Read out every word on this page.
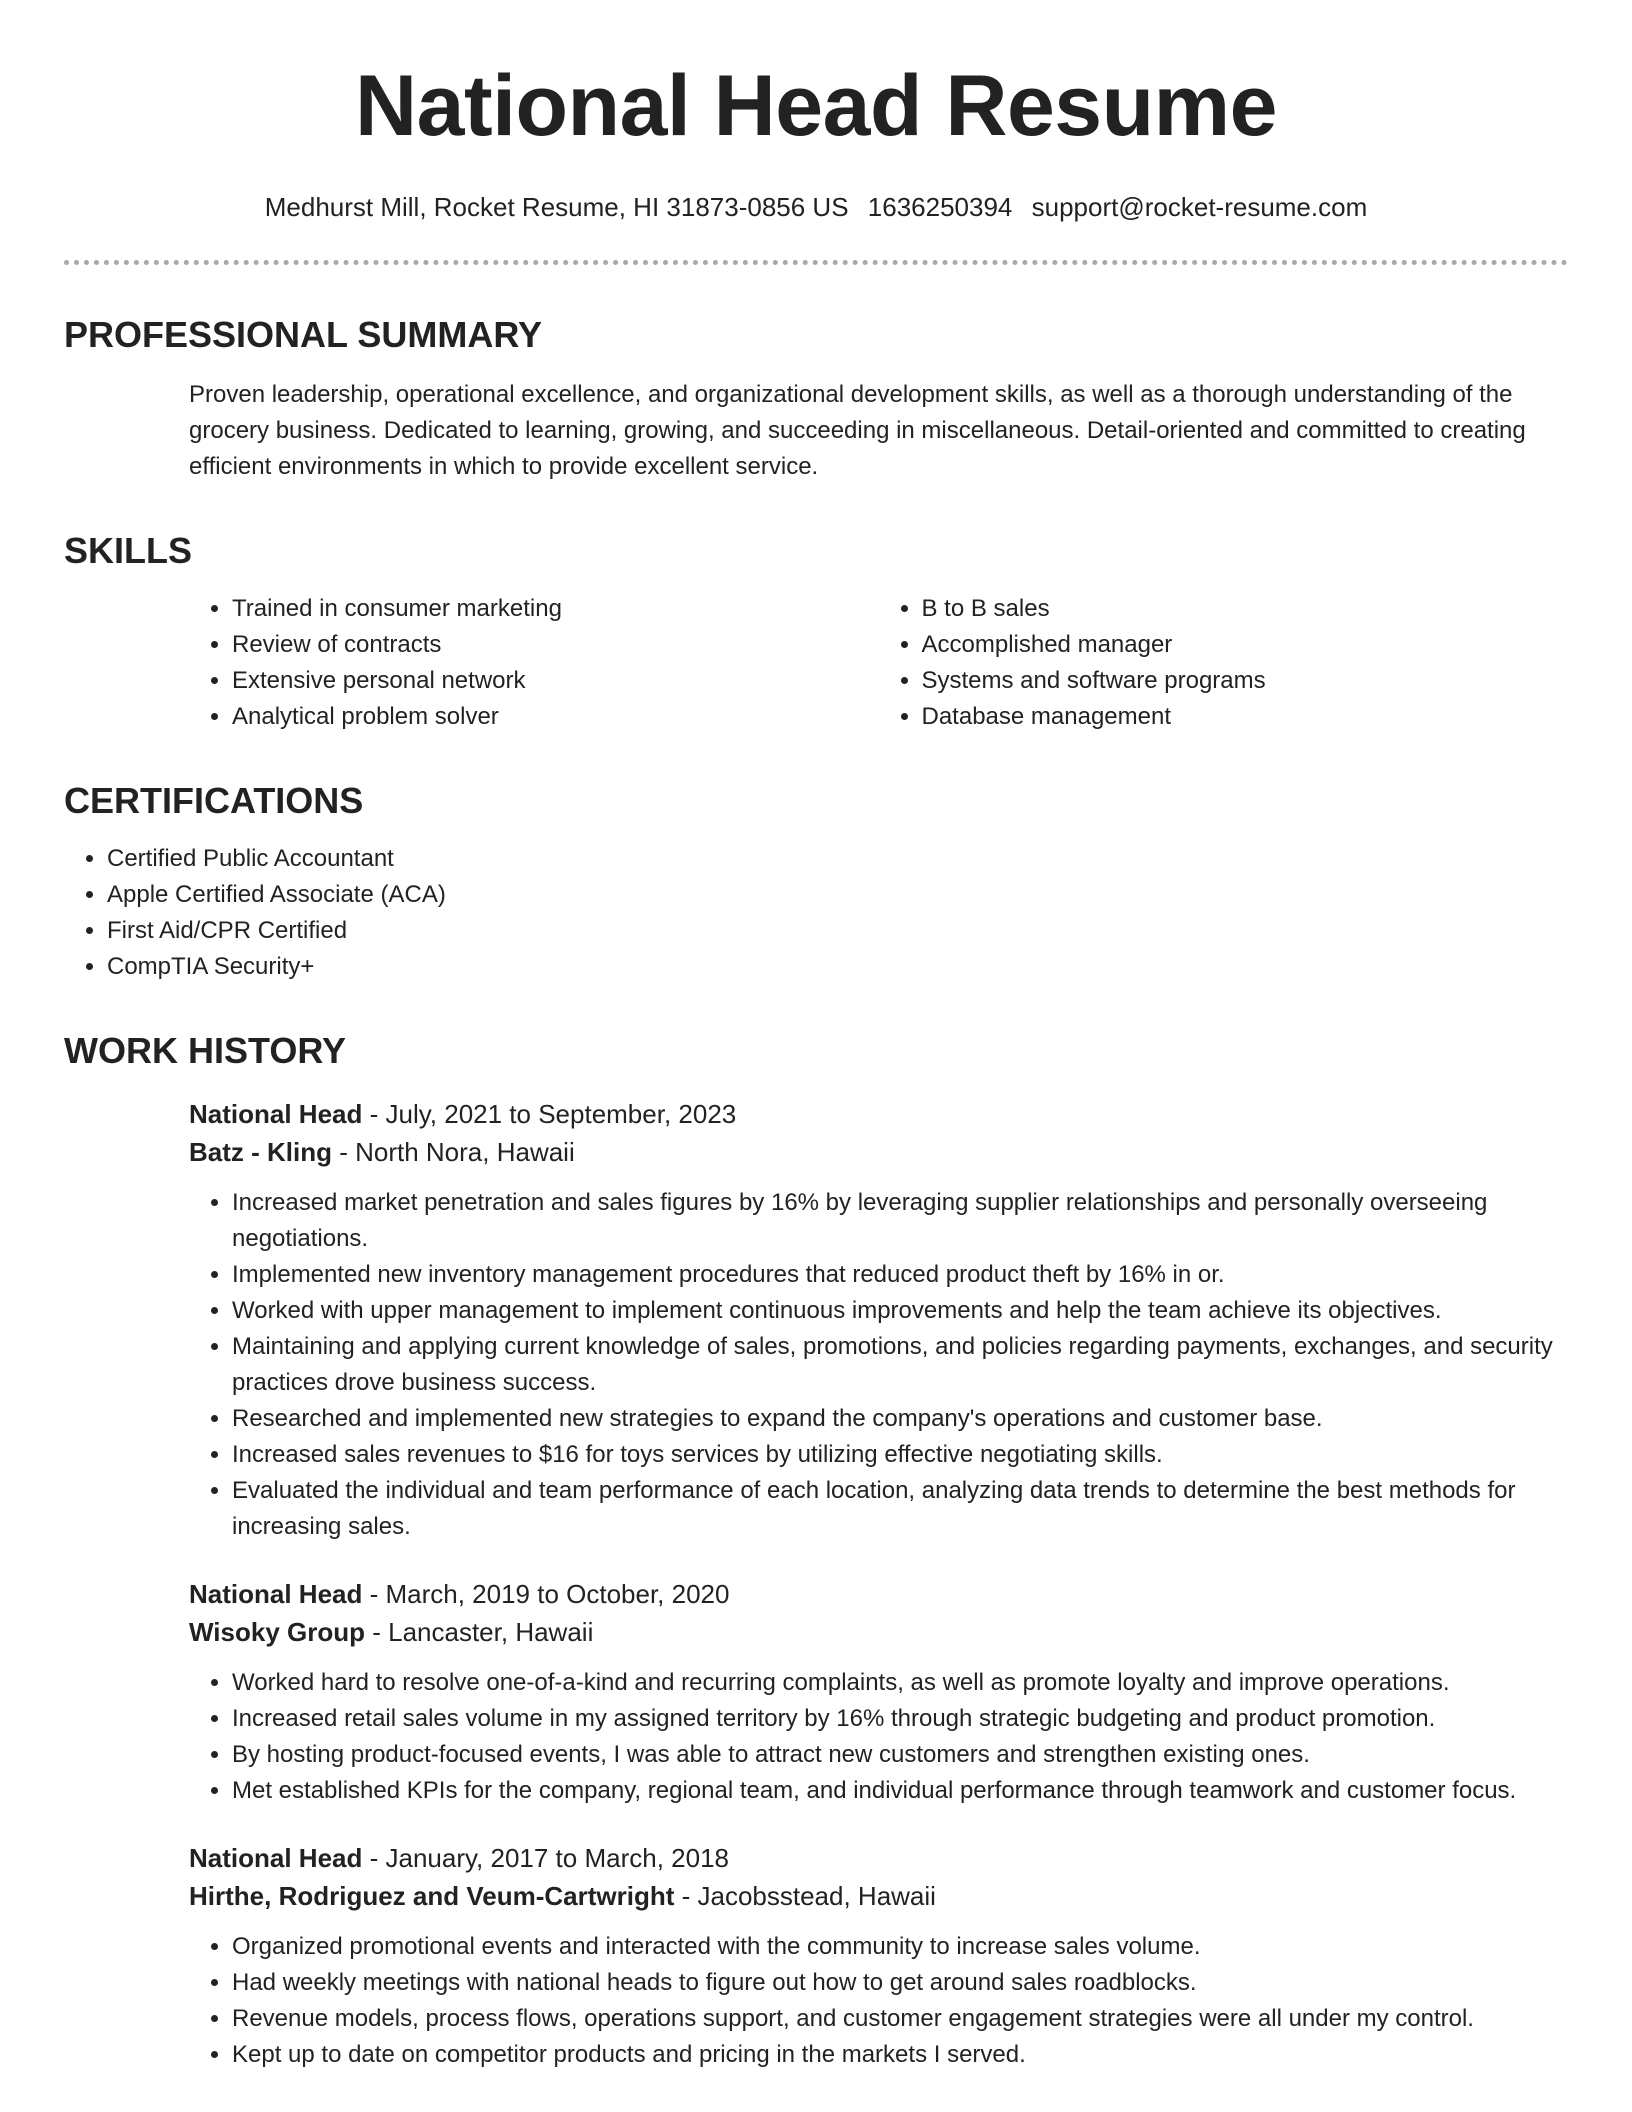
National Head Resume
Medhurst Mill, Rocket Resume, HI 31873-0856 US 1636250394 support@rocket-resume.com
PROFESSIONAL SUMMARY
Proven leadership, operational excellence, and organizational development skills, as well as a thorough understanding of the grocery business. Dedicated to learning, growing, and succeeding in miscellaneous. Detail-oriented and committed to creating efficient environments in which to provide excellent service.
SKILLS
• Trained in consumer marketing
• Review of contracts
• Extensive personal network
• Analytical problem solver
• B to B sales
• Accomplished manager
• Systems and software programs
• Database management
CERTIFICATIONS
• Certified Public Accountant
• Apple Certified Associate (ACA)
• First Aid/CPR Certified
• CompTIA Security+
WORK HISTORY
National Head - July, 2021 to September, 2023
Batz - Kling - North Nora, Hawaii
• Increased market penetration and sales figures by 16% by leveraging supplier relationships and personally overseeing negotiations.
• Implemented new inventory management procedures that reduced product theft by 16% in or.
• Worked with upper management to implement continuous improvements and help the team achieve its objectives.
• Maintaining and applying current knowledge of sales, promotions, and policies regarding payments, exchanges, and security practices drove business success.
• Researched and implemented new strategies to expand the company's operations and customer base.
• Increased sales revenues to $16 for toys services by utilizing effective negotiating skills.
• Evaluated the individual and team performance of each location, analyzing data trends to determine the best methods for increasing sales.
National Head - March, 2019 to October, 2020
Wisoky Group - Lancaster, Hawaii
• Worked hard to resolve one-of-a-kind and recurring complaints, as well as promote loyalty and improve operations.
• Increased retail sales volume in my assigned territory by 16% through strategic budgeting and product promotion.
• By hosting product-focused events, I was able to attract new customers and strengthen existing ones.
• Met established KPIs for the company, regional team, and individual performance through teamwork and customer focus.
National Head - January, 2017 to March, 2018
Hirthe, Rodriguez and Veum-Cartwright - Jacobsstead, Hawaii
• Organized promotional events and interacted with the community to increase sales volume.
• Had weekly meetings with national heads to figure out how to get around sales roadblocks.
• Revenue models, process flows, operations support, and customer engagement strategies were all under my control.
• Kept up to date on competitor products and pricing in the markets I served.
